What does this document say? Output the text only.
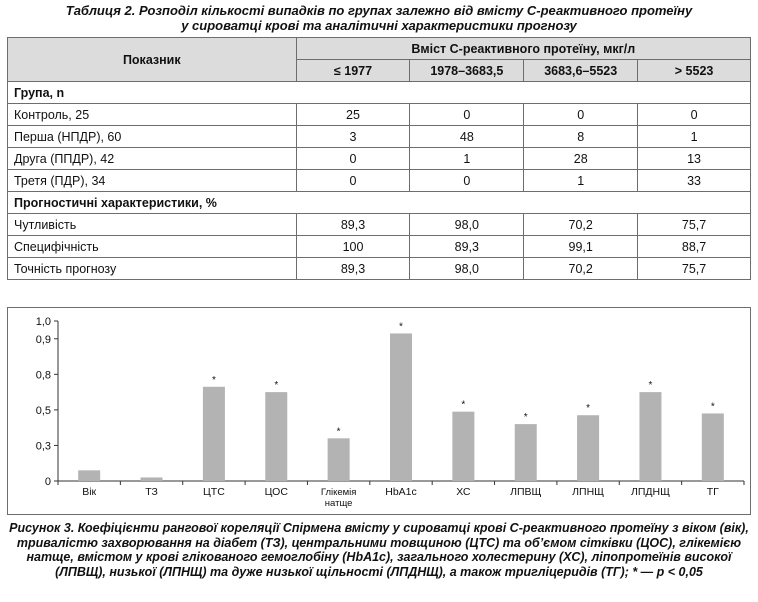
Таблиця 2. Розподіл кількості випадків по групах залежно від вмісту С-реактивного протеїну
у сироватці крові та аналітичні характеристики прогнозу
Показник	Вміст С-реактивного протеїну, мкг/л			
	≤ 1977	1978–3683,5	3683,6–5523	> 5523
Група, n				
Контроль, 25	25	0	0	0
Перша (НПДР), 60	3	48	8	1
Друга (ППДР), 42	0	1	28	13
Третя (ПДР), 34	0	0	1	33
Прогностичні характеристики, %				
Чутливість	89,3	98,0	70,2	75,7
Специфічність	100	89,3	99,1	88,7
Точність прогнозу	89,3	98,0	70,2	75,7
0
0,3
0,5
0,8
0,9
1,0
Вік	ТЗ
*
ЦТС
*
ЦОС
*
Глікемія
натще
*
HbA1c
*
ХС
*
ЛПВЩ
*
ЛПНЩ
*
ЛПДНЩ
*
ТГ
Рисунок 3. Коефіцієнти рангової кореляції Спірмена вмісту у сироватці крові С-реактивного протеїну з віком (вік), тривалістю захворювання на діабет (ТЗ), центральними товщиною (ЦТС) та об’ємом сітківки (ЦОС), глікемією натще, вмістом у крові глікованого гемоглобіну (HbA1c), загального холестерину (ХС), ліпопротеїнів високої (ЛПВЩ), низької (ЛПНЩ) та дуже низької щільності (ЛПДНЩ), а також тригліцеридів (ТГ); * — p < 0,05
